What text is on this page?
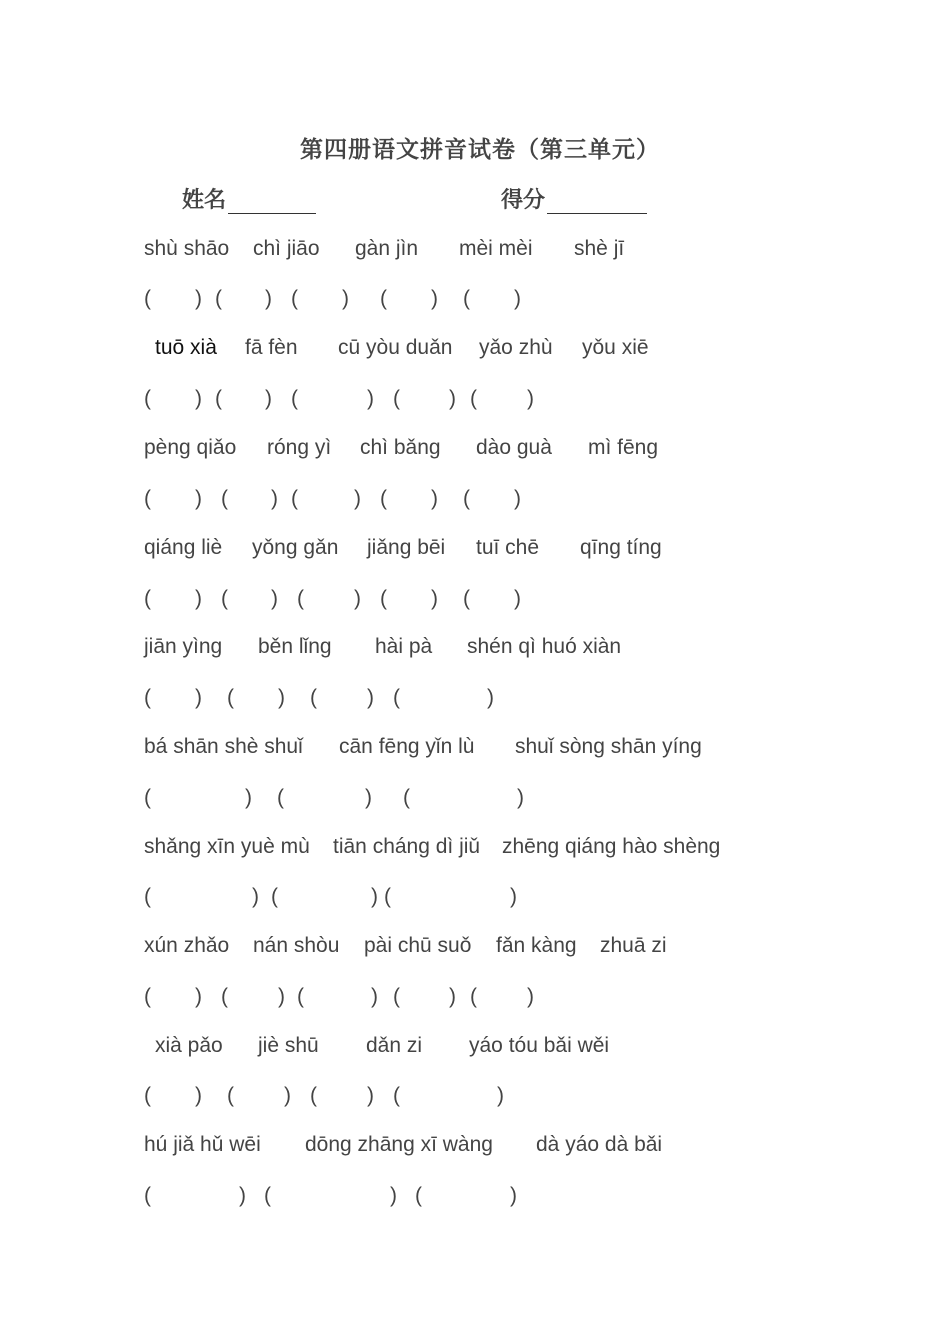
第四册语文拼音试卷（第三单元）
姓名	得分
shù shāo chì jiāo gàn jìn mèi mèi shè jī
( ) ( ) ( ) ( ) ( )
tuō xià fā fèn cū yòu duǎn yǎo zhù yǒu xiē
( ) ( ) (	) ( ) ( )
pèng qiǎo róng yì chì bǎng dào guà mì fēng
( ) ( ) (	) ( ) ( )
qiáng liè yǒng gǎn jiǎng bēi tuī chē qīng tíng
( ) ( ) ( ) ( ) ( )
jiān yìng běn lǐng hài pà shén qì huó xiàn
( ) ( ) ( ) (	)
bá shān shè shuǐ cān fēng yǐn lù shuǐ sòng shān yíng
(	) (	) (	)
shǎng xīn yuè mù tiān cháng dì jiǔ zhēng qiáng hào shèng
(	) (	) (	)
xún zhǎo nán shòu pài chū suǒ fǎn kàng zhuā zi
( ) ( ) (	) ( ) ( )
xià pǎo jiè shū dǎn zi yáo tóu bǎi wěi
( ) ( ) ( ) (	)
hú jiǎ hǔ wēi dōng zhāng xī wàng dà yáo dà bǎi
(	) (	) (	)
